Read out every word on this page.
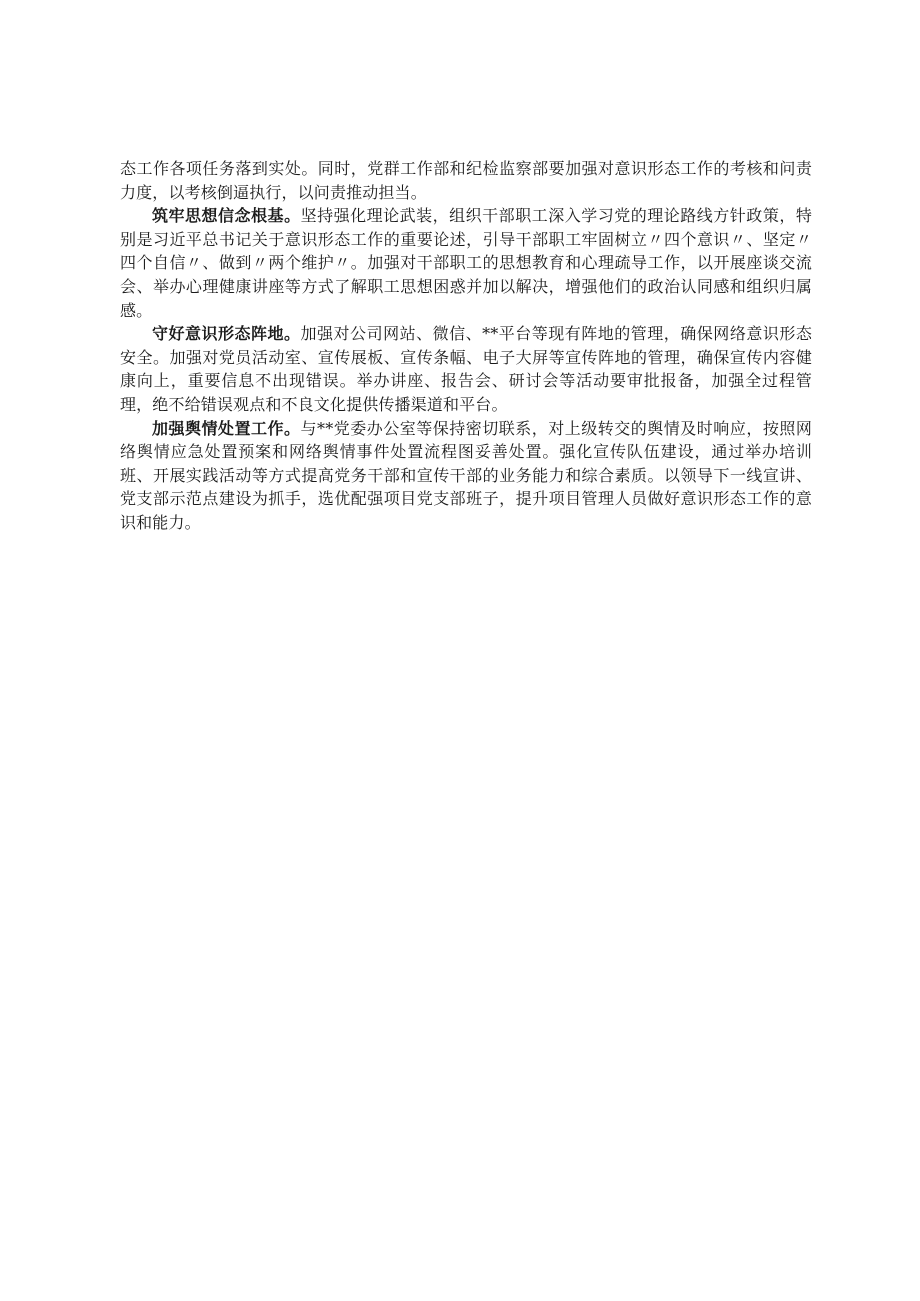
态工作各项任务落到实处。同时，党群工作部和纪检监察部要加强对意识形态工作的考核和问责力度，以考核倒逼执行，以问责推动担当。

筑牢思想信念根基。坚持强化理论武装，组织干部职工深入学习党的理论路线方针政策，特别是习近平总书记关于意识形态工作的重要论述，引导干部职工牢固树立〃四个意识〃、坚定〃四个自信〃、做到〃两个维护〃。加强对干部职工的思想教育和心理疏导工作，以开展座谈交流会、举办心理健康讲座等方式了解职工思想困惑并加以解决，增强他们的政治认同感和组织归属感。

守好意识形态阵地。加强对公司网站、微信、**平台等现有阵地的管理，确保网络意识形态安全。加强对党员活动室、宣传展板、宣传条幅、电子大屏等宣传阵地的管理，确保宣传内容健康向上，重要信息不出现错误。举办讲座、报告会、研讨会等活动要审批报备，加强全过程管理，绝不给错误观点和不良文化提供传播渠道和平台。

加强舆情处置工作。与**党委办公室等保持密切联系，对上级转交的舆情及时响应，按照网络舆情应急处置预案和网络舆情事件处置流程图妥善处置。强化宣传队伍建设，通过举办培训班、开展实践活动等方式提高党务干部和宣传干部的业务能力和综合素质。以领导下一线宣讲、党支部示范点建设为抓手，选优配强项目党支部班子，提升项目管理人员做好意识形态工作的意识和能力。
